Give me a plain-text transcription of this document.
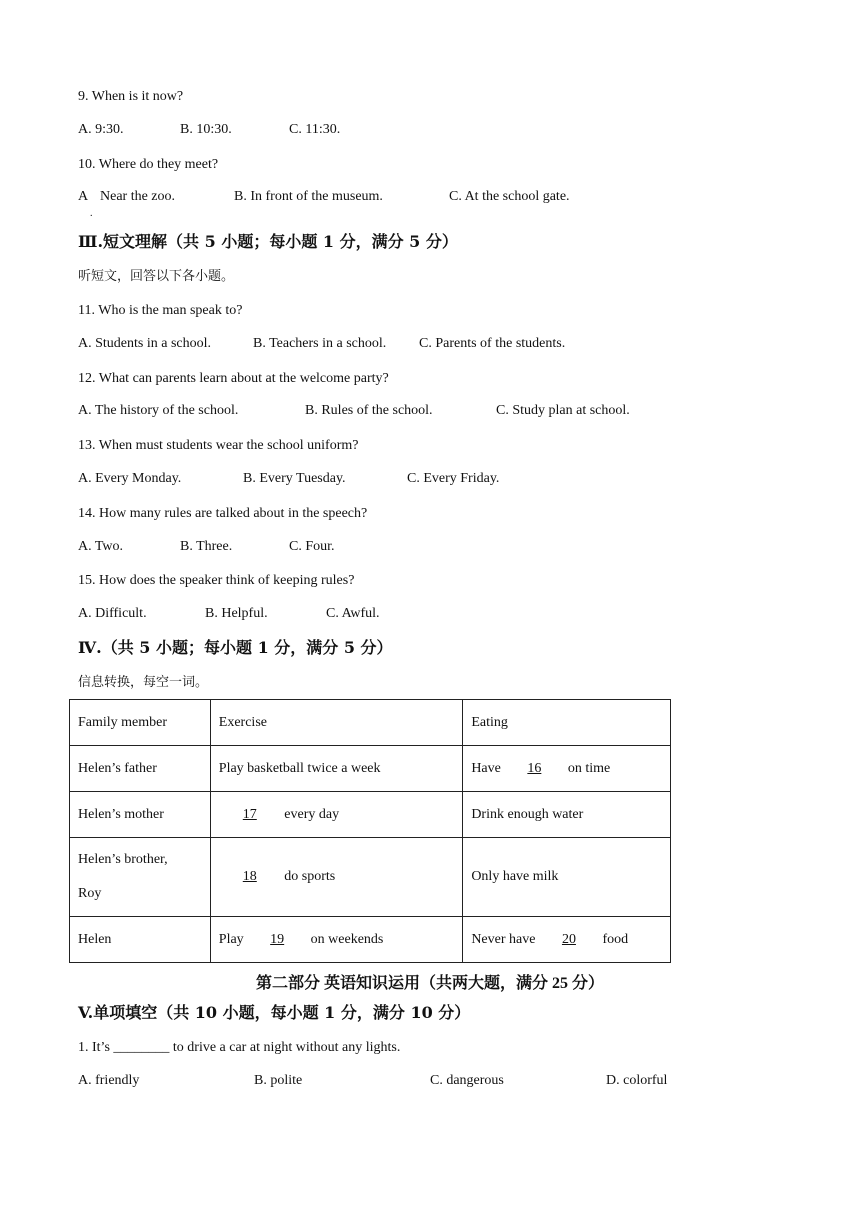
9. When is it now?
A. 9:30.	B. 10:30.	C. 11:30.
10. Where do they meet?
A
.
Near the zoo.	B. In front of the museum.	C. At the school gate.
Ⅲ.短文理解（共 5 小题；每小题 1 分，满分 5 分）
听短文，回答以下各小题。
11. Who is the man speak to?
A. Students in a school.	B. Teachers in a school. C. Parents of the students.
12. What can parents learn about at the welcome party?
A. The history of the school.	B. Rules of the school.	C. Study plan at school.
13. When must students wear the school uniform?
A. Every Monday.	B. Every Tuesday.	C. Every Friday.
14. How many rules are talked about in the speech?
A. Two.	B. Three.	C. Four.
15. How does the speaker think of keeping rules?
A. Difficult.	B. Helpful.	C. Awful.
Ⅳ.（共 5 小题；每小题 1 分，满分 5 分）
信息转换，每空一词。
Family member	Exercise	Eating
Helen’s father	Play basketball twice a week	Have 16 on time
Helen’s mother	17 every day	Drink enough water

Helen’s brother,
Roy	18 do sports	Only have milk
Helen	Play 19 on weekends	Never have 20 food
第二部分 英语知识运用（共两大题，满分 25 分）
V.单项填空（共 10 小题，每小题 1 分，满分 10 分）
1. It’s ________ to drive a car at night without any lights.
A. friendly	B. polite	C. dangerous	D. colorful
